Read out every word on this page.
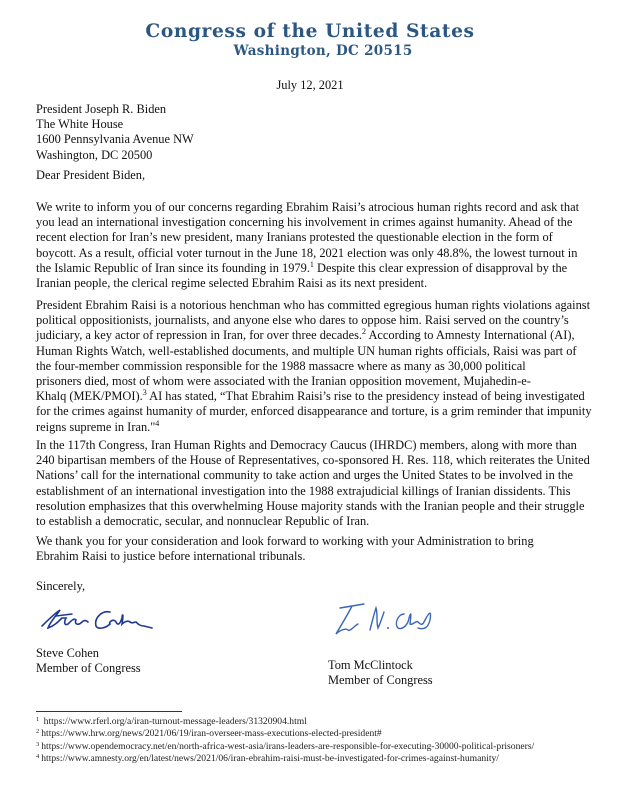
Congress of the United States
Washington, DC 20515
July 12, 2021
President Joseph R. Biden
The White House
1600 Pennsylvania Avenue NW
Washington, DC 20500
Dear President Biden,
We write to inform you of our concerns regarding Ebrahim Raisi’s atrocious human rights record and ask that
you lead an international investigation concerning his involvement in crimes against humanity. Ahead of the
recent election for Iran’s new president, many Iranians protested the questionable election in the form of
boycott. As a result, official voter turnout in the June 18, 2021 election was only 48.8%, the lowest turnout in
the Islamic Republic of Iran since its founding in 1979.$^1$ Despite this clear expression of disapproval by the
Iranian people, the clerical regime selected Ebrahim Raisi as its next president.
President Ebrahim Raisi is a notorious henchman who has committed egregious human rights violations against
political oppositionists, journalists, and anyone else who dares to oppose him. Raisi served on the country’s
judiciary, a key actor of repression in Iran, for over three decades.$^2$ According to Amnesty International (AI),
Human Rights Watch, well-established documents, and multiple UN human rights officials, Raisi was part of
the four-member commission responsible for the 1988 massacre where as many as 30,000 political
prisoners died, most of whom were associated with the Iranian opposition movement, Mujahedin-e-
Khalq (MEK/PMOI).$^3$ AI has stated, “That Ebrahim Raisi’s rise to the presidency instead of being investigated
for the crimes against humanity of murder, enforced disappearance and torture, is a grim reminder that impunity
reigns supreme in Iran."$^4$
In the 117th Congress, Iran Human Rights and Democracy Caucus (IHRDC) members, along with more than
240 bipartisan members of the House of Representatives, co-sponsored H. Res. 118, which reiterates the United
Nations’ call for the international community to take action and urges the United States to be involved in the
establishment of an international investigation into the 1988 extrajudicial killings of Iranian dissidents. This
resolution emphasizes that this overwhelming House majority stands with the Iranian people and their struggle
to establish a democratic, secular, and nonnuclear Republic of Iran.
We thank you for your consideration and look forward to working with your Administration to bring
Ebrahim Raisi to justice before international tribunals.
Sincerely,
Steve Cohen
Member of Congress	Tom McClintock
Member of Congress
$^1$ https://www.rferl.org/a/iran-turnout-message-leaders/31320904.html
$^2$ https://www.hrw.org/news/2021/06/19/iran-overseer-mass-executions-elected-president#
$^3$ https://www.opendemocracy.net/en/north-africa-west-asia/irans-leaders-are-responsible-for-executing-30000-political-prisoners/
$^4$ https://www.amnesty.org/en/latest/news/2021/06/iran-ebrahim-raisi-must-be-investigated-for-crimes-against-humanity/
